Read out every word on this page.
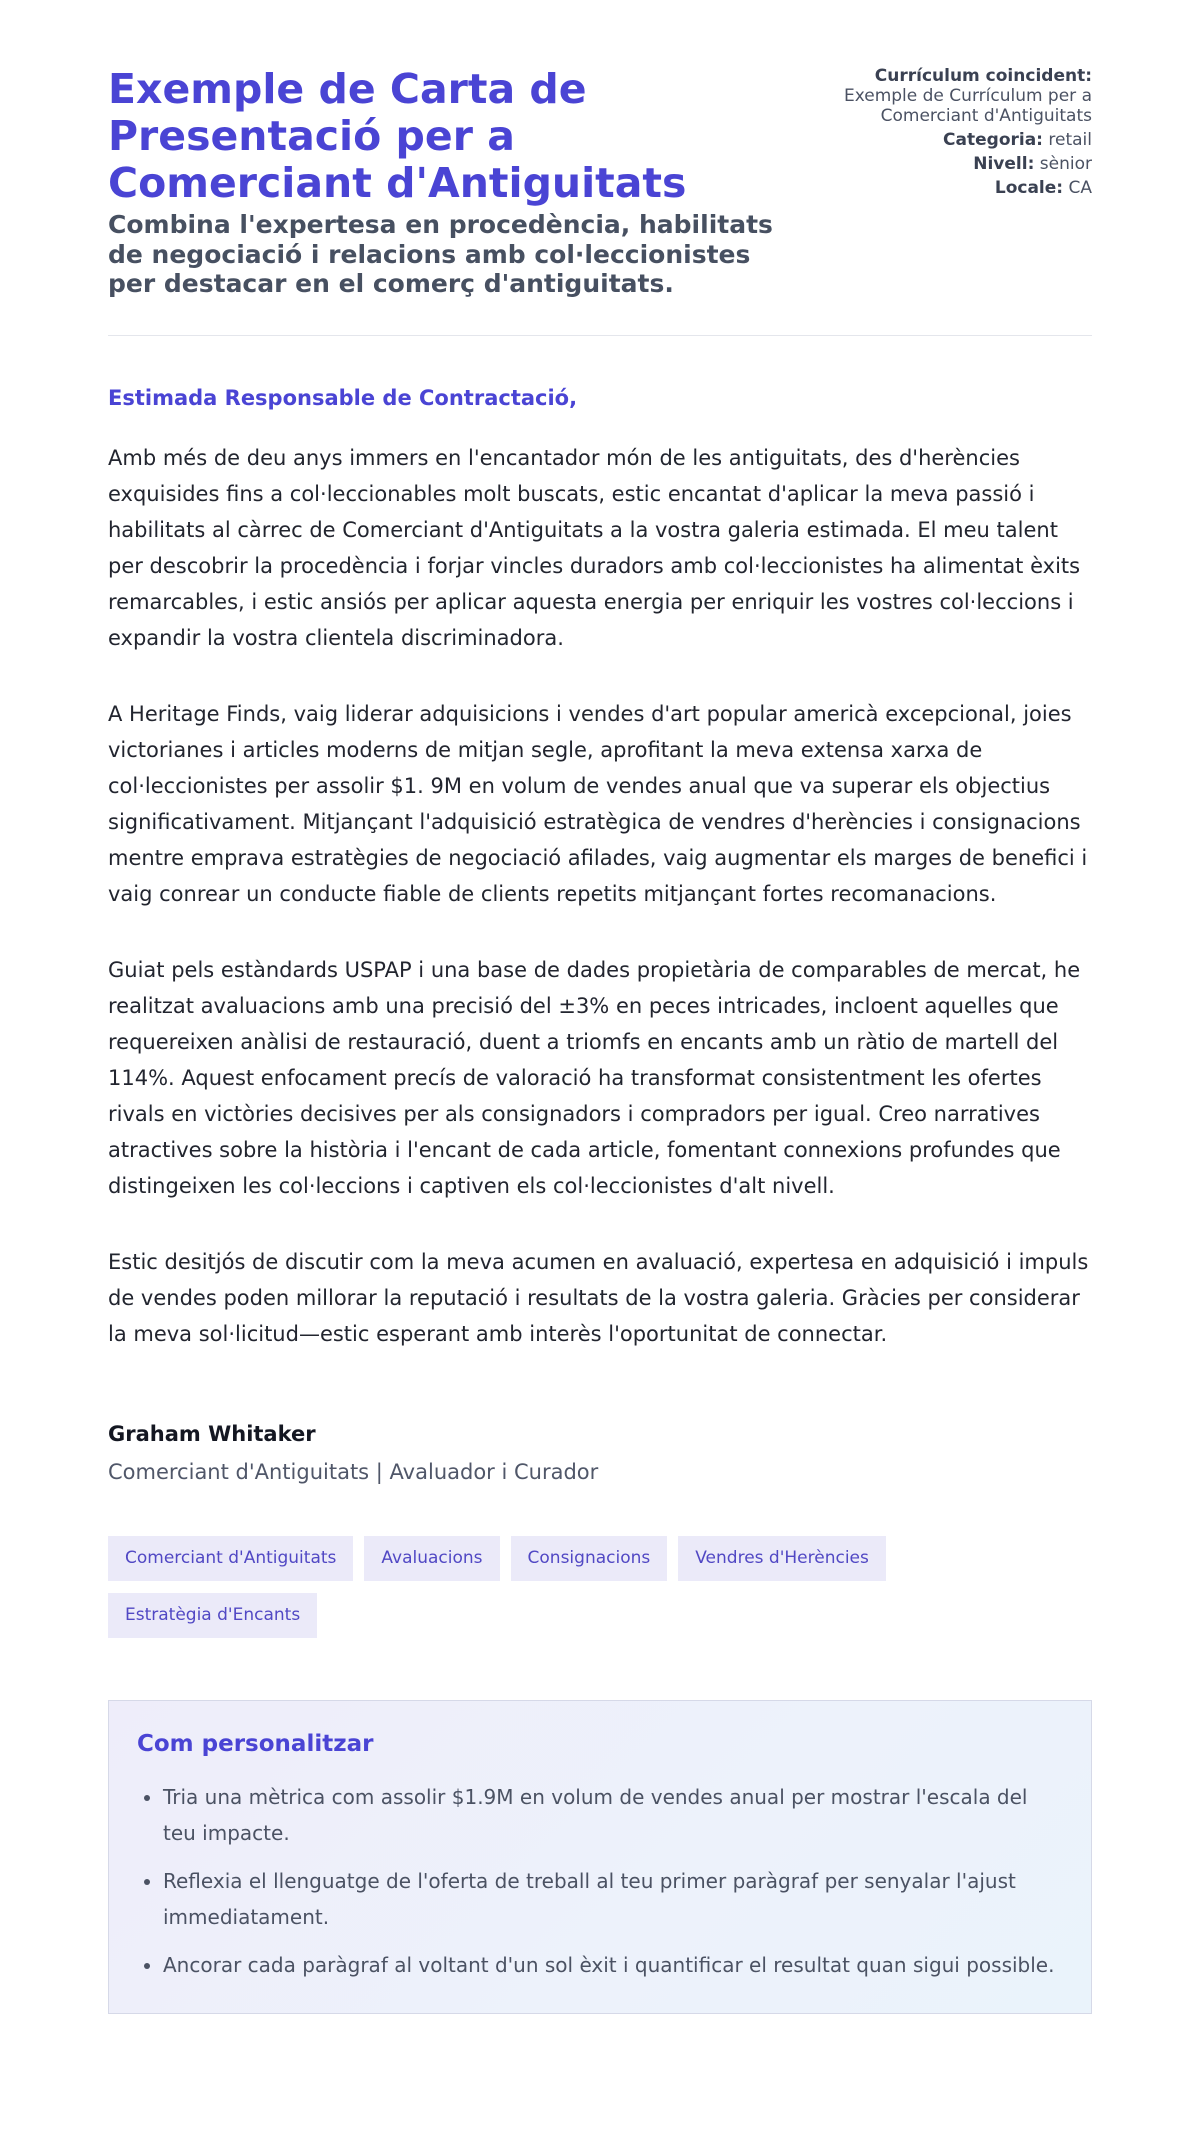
Exemple de Carta de Presentació per a Comerciant d'Antiguitats

Combina l'expertesa en procedència, habilitats de negociació i relacions amb col·leccionistes per destacar en el comerç d'antiguitats.

Currículum coincident:
Exemple de Currículum per a Comerciant d'Antiguitats
Categoria: retail
Nivell: sènior
Locale: CA

Estimada Responsable de Contractació,

Amb més de deu anys immers en l'encantador món de les antiguitats, des d'herències exquisides fins a col·leccionables molt buscats, estic encantat d'aplicar la meva passió i habilitats al càrrec de Comerciant d'Antiguitats a la vostra galeria estimada. El meu talent per descobrir la procedència i forjar vincles duradors amb col·leccionistes ha alimentat èxits remarcables, i estic ansiós per aplicar aquesta energia per enriquir les vostres col·leccions i expandir la vostra clientela discriminadora.

A Heritage Finds, vaig liderar adquisicions i vendes d'art popular americà excepcional, joies victorianes i articles moderns de mitjan segle, aprofitant la meva extensa xarxa de col·leccionistes per assolir $1. 9M en volum de vendes anual que va superar els objectius significativament. Mitjançant l'adquisició estratègica de vendres d'herències i consignacions mentre emprava estratègies de negociació afilades, vaig augmentar els marges de benefici i vaig conrear un conducte fiable de clients repetits mitjançant fortes recomanacions.

Guiat pels estàndards USPAP i una base de dades propietària de comparables de mercat, he realitzat avaluacions amb una precisió del ±3% en peces intricades, incloent aquelles que requereixen anàlisi de restauració, duent a triomfs en encants amb un ràtio de martell del 114%. Aquest enfocament precís de valoració ha transformat consistentment les ofertes rivals en victòries decisives per als consignadors i compradors per igual. Creo narratives atractives sobre la història i l'encant de cada article, fomentant connexions profundes que distingeixen les col·leccions i captiven els col·leccionistes d'alt nivell.

Estic desitjós de discutir com la meva acumen en avaluació, expertesa en adquisició i impuls de vendes poden millorar la reputació i resultats de la vostra galeria. Gràcies per considerar la meva sol·licitud—estic esperant amb interès l'oportunitat de connectar.

Graham Whitaker

Comerciant d'Antiguitats | Avaluador i Curador

Comerciant d'Antiguitats	Avaluacions	Consignacions	Vendres d'Herències
Estratègia d'Encants
Com personalitzar
• Tria una mètrica com assolir $1.9M en volum de vendes anual per mostrar l'escala del teu impacte.
• Reflexia el llenguatge de l'oferta de treball al teu primer paràgraf per senyalar l'ajust immediatament.
• Ancorar cada paràgraf al voltant d'un sol èxit i quantificar el resultat quan sigui possible.
